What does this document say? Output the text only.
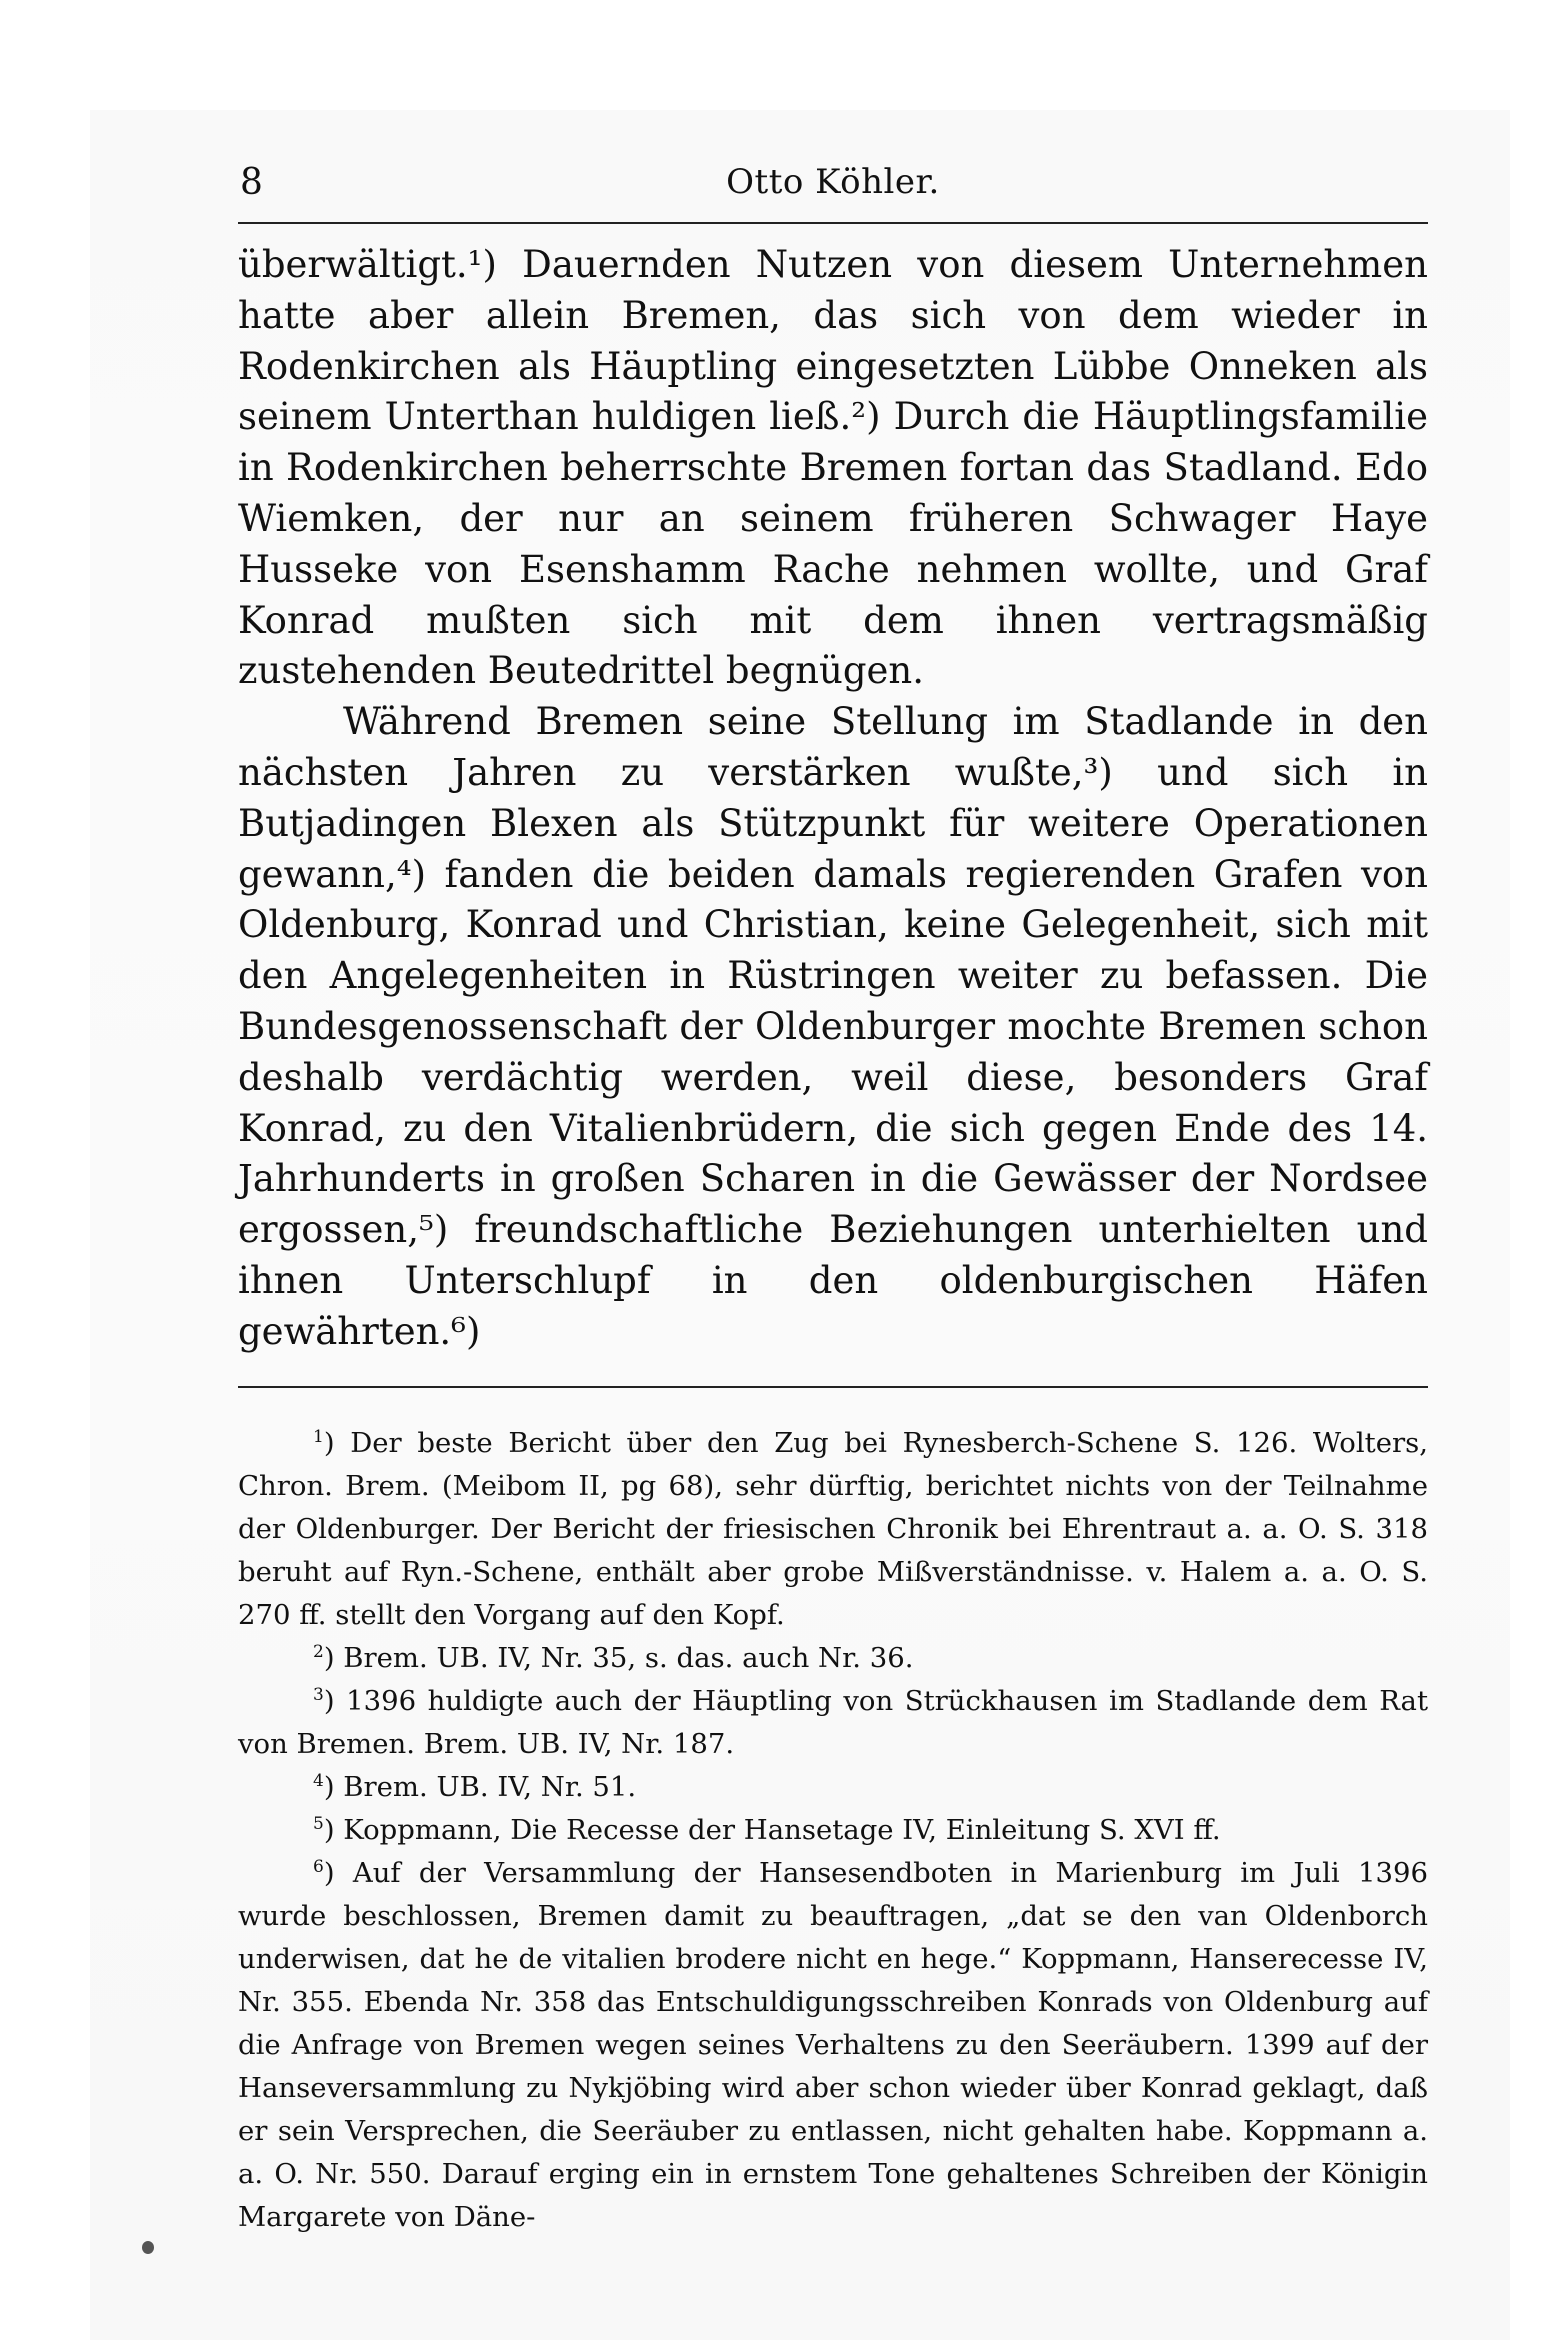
8	Otto Köhler.

überwältigt.¹) Dauernden Nutzen von diesem Unternehmen hatte aber allein Bremen, das sich von dem wieder in Rodenkirchen als Häuptling eingesetzten Lübbe Onneken als seinem Unterthan huldigen ließ.²) Durch die Häuptlingsfamilie in Rodenkirchen beherrschte Bremen fortan das Stadland. Edo Wiemken, der nur an seinem früheren Schwager Haye Husseke von Esenshamm Rache nehmen wollte, und Graf Konrad mußten sich mit dem ihnen vertragsmäßig zustehenden Beutedrittel begnügen.

Während Bremen seine Stellung im Stadlande in den nächsten Jahren zu verstärken wußte,³) und sich in Butjadingen Blexen als Stützpunkt für weitere Operationen gewann,⁴) fanden die beiden damals regierenden Grafen von Oldenburg, Konrad und Christian, keine Gelegenheit, sich mit den Angelegenheiten in Rüstringen weiter zu befassen. Die Bundesgenossenschaft der Oldenburger mochte Bremen schon deshalb verdächtig werden, weil diese, besonders Graf Konrad, zu den Vitalienbrüdern, die sich gegen Ende des 14. Jahrhunderts in großen Scharen in die Gewässer der Nordsee ergossen,⁵) freundschaftliche Beziehungen unterhielten und ihnen Unterschlupf in den oldenburgischen Häfen gewährten.⁶)

$^1$) Der beste Bericht über den Zug bei Rynesberch-Schene S. 126. Wolters, Chron. Brem. (Meibom II, pg 68), sehr dürftig, berichtet nichts von der Teilnahme der Oldenburger. Der Bericht der friesischen Chronik bei Ehrentraut a. a. O. S. 318 beruht auf Ryn.-Schene, enthält aber grobe Mißverständnisse. v. Halem a. a. O. S. 270 ff. stellt den Vorgang auf den Kopf.

$^2$) Brem. UB. IV, Nr. 35, s. das. auch Nr. 36.

$^3$) 1396 huldigte auch der Häuptling von Strückhausen im Stadlande dem Rat von Bremen. Brem. UB. IV, Nr. 187.

$^4$) Brem. UB. IV, Nr. 51.

$^5$) Koppmann, Die Recesse der Hansetage IV, Einleitung S. XVI ff.

$^6$) Auf der Versammlung der Hansesendboten in Marienburg im Juli 1396 wurde beschlossen, Bremen damit zu beauftragen, „dat se den van Oldenborch underwisen, dat he de vitalien brodere nicht en hege.“ Koppmann, Hanserecesse IV, Nr. 355. Ebenda Nr. 358 das Entschuldigungsschreiben Konrads von Oldenburg auf die Anfrage von Bremen wegen seines Verhaltens zu den Seeräubern. 1399 auf der Hanseversammlung zu Nykjöbing wird aber schon wieder über Konrad geklagt, daß er sein Versprechen, die Seeräuber zu entlassen, nicht gehalten habe. Koppmann a. a. O. Nr. 550. Darauf erging ein in ernstem Tone gehaltenes Schreiben der Königin Margarete von Däne-
